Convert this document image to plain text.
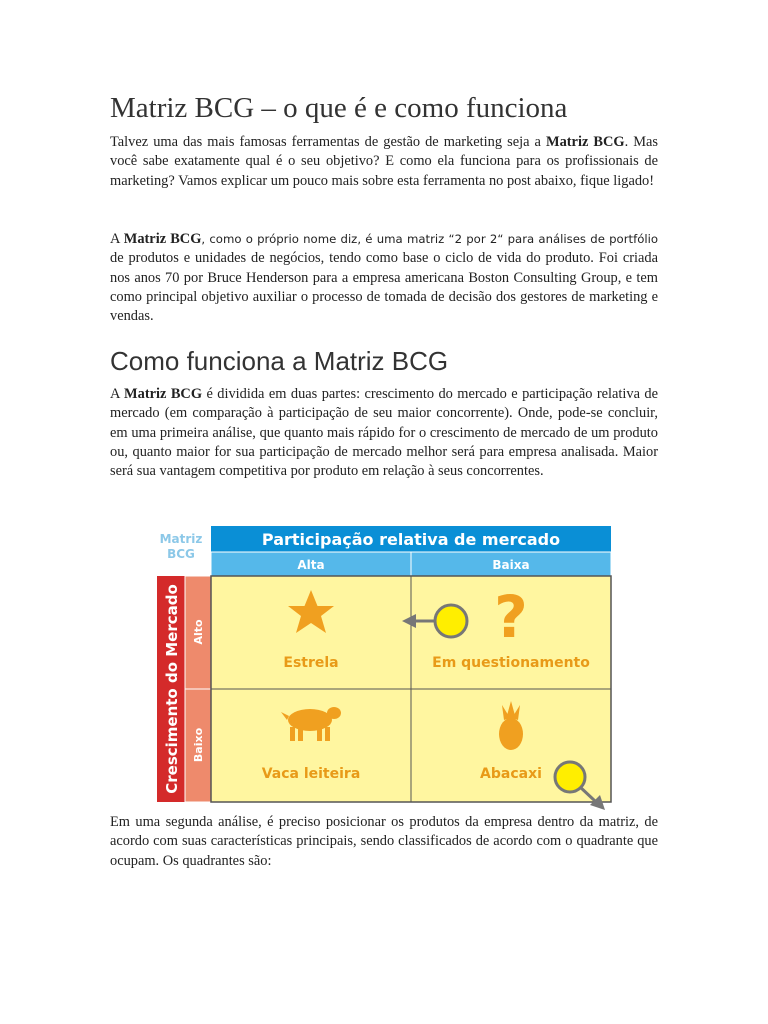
Matriz BCG – o que é e como funciona

Talvez uma das mais famosas ferramentas de gestão de marketing seja a Matriz BCG. Mas você sabe exatamente qual é o seu objetivo? E como ela funciona para os profissionais de marketing? Vamos explicar um pouco mais sobre esta ferramenta no post abaixo, fique ligado!

A Matriz BCG, como o próprio nome diz, é uma matriz “2 por 2“ para análises de portfólio de produtos e unidades de negócios, tendo como base o ciclo de vida do produto. Foi criada nos anos 70 por Bruce Henderson para a empresa americana Boston Consulting Group, e tem como principal objetivo auxiliar o processo de tomada de decisão dos gestores de marketing e vendas.

Como funciona a Matriz BCG

A Matriz BCG é dividida em duas partes: crescimento do mercado e participação relativa de mercado (em comparação à participação de seu maior concorrente). Onde, pode-se concluir, em uma primeira análise, que quanto mais rápido for o crescimento de mercado de um produto ou, quanto maior for sua participação de mercado melhor será para empresa analisada. Maior será sua vantagem competitiva por produto em relação à seus concorrentes.

Em uma segunda análise, é preciso posicionar os produtos da empresa dentro da matriz, de acordo com suas características principais, sendo classificados de acordo com o quadrante que ocupam. Os quadrantes são:

Matriz
BCG
Participação relativa de mercado
Alta	Baixa
Crescimento do Mercado Alto
Baixo
Estrela
?
Em questionamento
Vaca leiteira	Abacaxi
